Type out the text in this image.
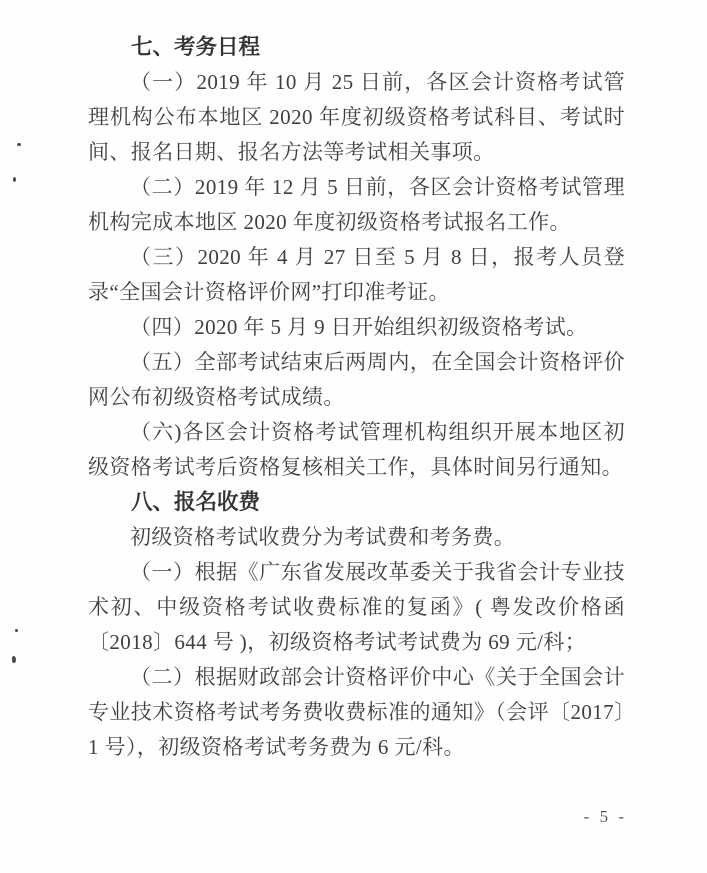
七、考务日程

（一）2019 年 10 月 25 日前，各区会计资格考试管理机构公布本地区 2020 年度初级资格考试科目、考试时间、报名日期、报名方法等考试相关事项。

（二）2019 年 12 月 5 日前，各区会计资格考试管理机构完成本地区 2020 年度初级资格考试报名工作。

（三）2020 年 4 月 27 日至 5 月 8 日，报考人员登录“全国会计资格评价网”打印准考证。

（四）2020 年 5 月 9 日开始组织初级资格考试。

（五）全部考试结束后两周内，在全国会计资格评价网公布初级资格考试成绩。

（六)各区会计资格考试管理机构组织开展本地区初级资格考试考后资格复核相关工作，具体时间另行通知。

八、报名收费

初级资格考试收费分为考试费和考务费。

（一）根据《广东省发展改革委关于我省会计专业技术初、中级资格考试收费标准的复函》( 粤发改价格函〔2018〕644 号 )，初级资格考试考试费为 69 元/科；

（二）根据财政部会计资格评价中心《关于全国会计专业技术资格考试考务费收费标准的通知》（会评〔2017〕1 号），初级资格考试考务费为 6 元/科。

- 5 -
